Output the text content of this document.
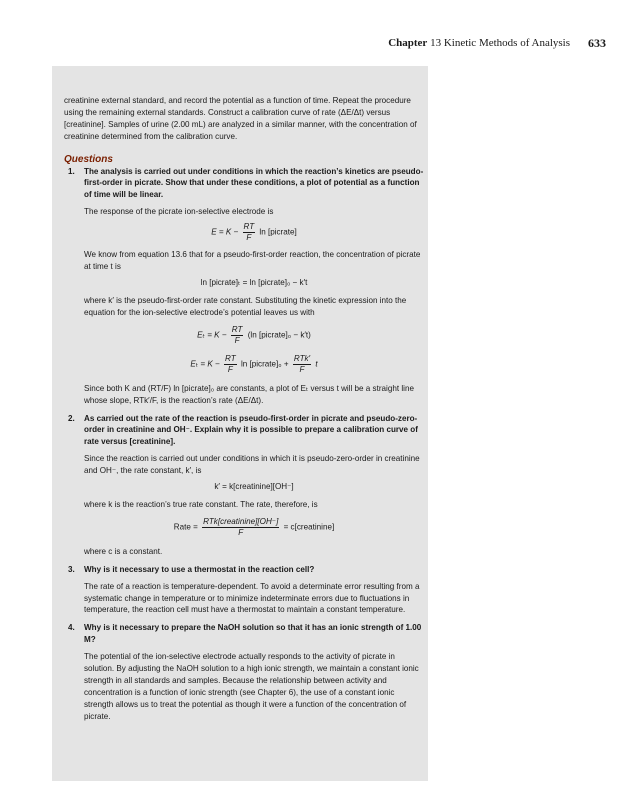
Chapter 13 Kinetic Methods of Analysis 633

creatinine external standard, and record the potential as a function of time. Repeat the procedure using the remaining external standards. Construct a calibration curve of rate (ΔE/Δt) versus [creatinine]. Samples of urine (2.00 mL) are analyzed in a similar manner, with the concentration of creatinine determined from the calibration curve.

Questions

1. The analysis is carried out under conditions in which the reaction’s kinetics are pseudo-first-order in picrate. Show that under these conditions, a plot of potential as a function of time will be linear.

The response of the picrate ion-selective electrode is

$E = K - \frac{RT}{F}$ ln [picrate]

We know from equation 13.6 that for a pseudo-first-order reaction, the concentration of picrate at time t is

ln [picrate]ₜ = ln [picrate]₀ − k′t

where k′ is the pseudo-first-order rate constant. Substituting the kinetic expression into the equation for the ion-selective electrode’s potential leaves us with

$E_t = K - \frac{RT}{F} (\ln$ [picrate]₀ − k′t)
$E_t = K - \frac{RT}{F}$ ln [picrate]₀ + $\frac{\text{RTk′}}{F}$ t

Since both K and (RT/F) ln [picrate]₀ are constants, a plot of Eₜ versus t will be a straight line whose slope, RTk′/F, is the reaction’s rate (ΔE/Δt).

2. As carried out the rate of the reaction is pseudo-first-order in picrate and pseudo-zero-order in creatinine and OH⁻. Explain why it is possible to prepare a calibration curve of rate versus [creatinine].

Since the reaction is carried out under conditions in which it is pseudo-zero-order in creatinine and OH⁻, the rate constant, k′, is

k′ = k[creatinine][OH⁻]

where k is the reaction’s true rate constant. The rate, therefore, is

Rate = $\frac{\text{RTk[creatinine][OH⁻]}}{F}$ = c[creatinine]

where c is a constant.

3. Why is it necessary to use a thermostat in the reaction cell?

The rate of a reaction is temperature-dependent. To avoid a determinate error resulting from a systematic change in temperature or to minimize indeterminate errors due to fluctuations in temperature, the reaction cell must have a thermostat to maintain a constant temperature.

4. Why is it necessary to prepare the NaOH solution so that it has an ionic strength of 1.00 M?

The potential of the ion-selective electrode actually responds to the activity of picrate in solution. By adjusting the NaOH solution to a high ionic strength, we maintain a constant ionic strength in all standards and samples. Because the relationship between activity and concentration is a function of ionic strength (see Chapter 6), the use of a constant ionic strength allows us to treat the potential as though it were a function of the concentration of picrate.
